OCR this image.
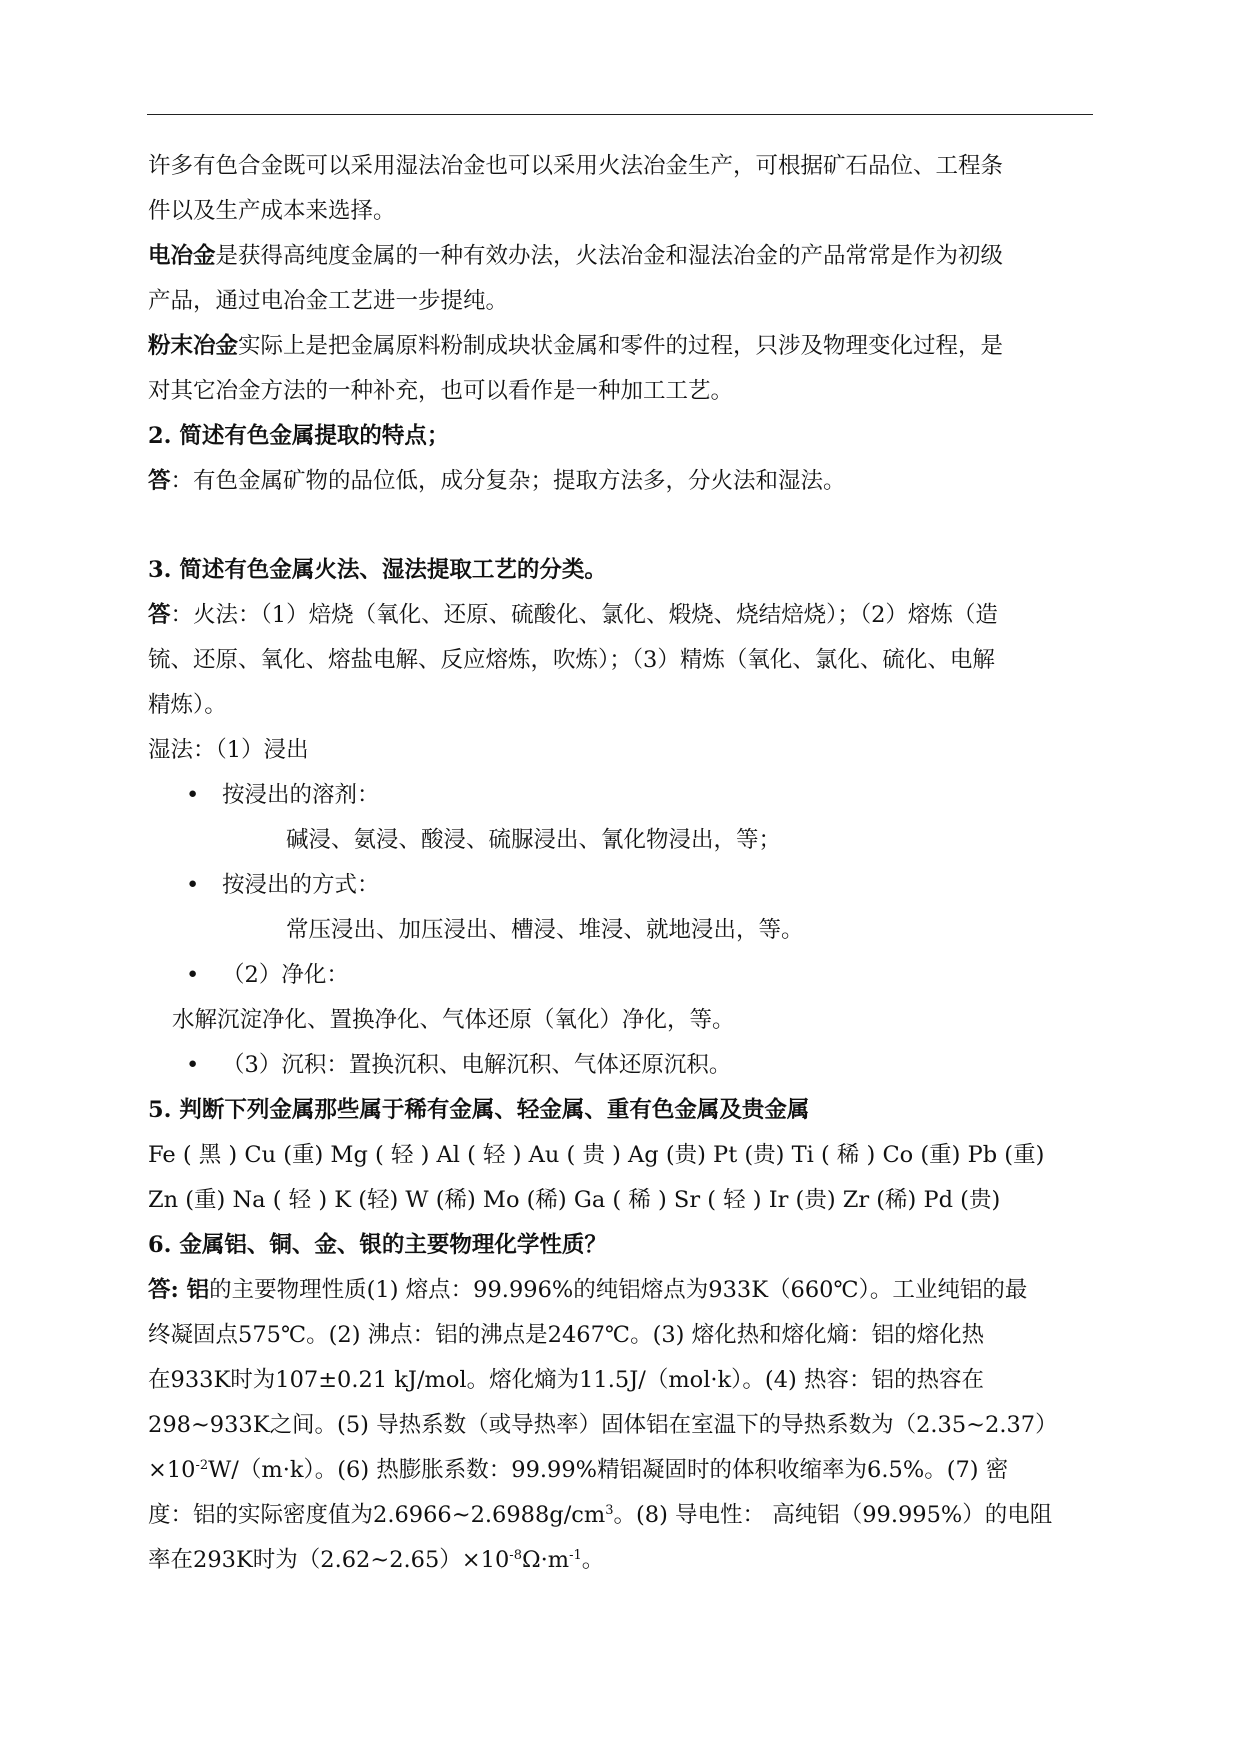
许多有色合金既可以采用湿法冶金也可以采用火法冶金生产，可根据矿石品位、工程条
件以及生产成本来选择。
电冶金是获得高纯度金属的一种有效办法，火法冶金和湿法冶金的产品常常是作为初级
产品，通过电冶金工艺进一步提纯。
粉末冶金实际上是把金属原料粉制成块状金属和零件的过程，只涉及物理变化过程，是
对其它冶金方法的一种补充，也可以看作是一种加工工艺。
2. 简述有色金属提取的特点；
答：有色金属矿物的品位低，成分复杂；提取方法多，分火法和湿法。
3. 简述有色金属火法、湿法提取工艺的分类。
答：火法：（1）焙烧（氧化、还原、硫酸化、氯化、煅烧、烧结焙烧）；（2）熔炼（造
锍、还原、氧化、熔盐电解、反应熔炼，吹炼）；（3）精炼（氧化、氯化、硫化、电解
精炼）。
湿法：（1）浸出
• 按浸出的溶剂：
碱浸、氨浸、酸浸、硫脲浸出、氰化物浸出，等；
• 按浸出的方式：
常压浸出、加压浸出、槽浸、堆浸、就地浸出，等。
• （2）净化：
水解沉淀净化、置换净化、气体还原（氧化）净化，等。
• （3）沉积：置换沉积、电解沉积、气体还原沉积。
5. 判断下列金属那些属于稀有金属、轻金属、重有色金属及贵金属
Fe ( 黑 ) Cu (重) Mg ( 轻 ) Al ( 轻 ) Au ( 贵 ) Ag (贵) Pt (贵) Ti ( 稀 ) Co (重) Pb (重)
Zn (重) Na ( 轻 ) K (轻) W (稀) Mo (稀) Ga ( 稀 ) Sr ( 轻 ) Ir (贵) Zr (稀) Pd (贵)
6. 金属铝、铜、金、银的主要物理化学性质？
答: 铝的主要物理性质(1) 熔点：99.996%的纯铝熔点为933K（660℃）。工业纯铝的最
终凝固点575℃。(2) 沸点：铝的沸点是2467℃。(3) 熔化热和熔化熵：铝的熔化热
在933K时为107±0.21 kJ/mol。熔化熵为11.5J/（mol·k）。(4) 热容：铝的热容在
298~933K之间。(5) 导热系数（或导热率）固体铝在室温下的导热系数为（2.35~2.37）
$\times 10^{-2}W/(m\cdot k)$。(6) 热膨胀系数：99.99%精铝凝固时的体积收缩率为6.5%。(7) 密
度：铝的实际密度值为$2.6966\sim 2.6988g/cm^3$。(8) 导电性： 高纯铝（99.995%）的电阻
率在293K时为$(2.62\sim 2.65)\times 10^{-8}\Omega\cdot m^{-1}$。
